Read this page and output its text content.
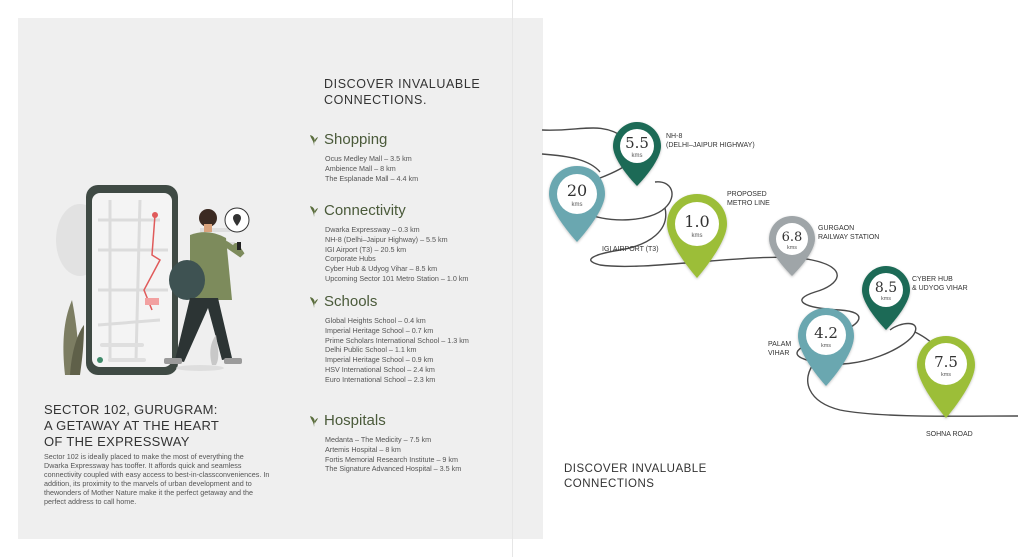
DISCOVER INVALUABLE
CONNECTIONS.
Shopping
Ocus Medley Mall – 3.5 km
Ambience Mall – 8 km
The Esplanade Mall – 4.4 km
Connectivity
Dwarka Expressway – 0.3 km
NH-8 (Delhi–Jaipur Highway) – 5.5 km
IGI Airport (T3) – 20.5 km
Corporate Hubs
Cyber Hub & Udyog Vihar – 8.5 km
Upcoming Sector 101 Metro Station – 1.0 km
Schools
Global Heights School – 0.4 km
Imperial Heritage School – 0.7 km
Prime Scholars International School – 1.3 km
Delhi Public School – 1.1 km
Imperial Heritage School – 0.9 km
HSV International School – 2.4 km
Euro International School – 2.3 km
Hospitals
Medanta – The Medicity – 7.5 km
Artemis Hospital – 8 km
Fortis Memorial Research Institute – 9 km
The Signature Advanced Hospital – 3.5 km
SECTOR 102, GURUGRAM:
A GETAWAY AT THE HEART
OF THE EXPRESSWAY
Sector 102 is ideally placed to make the most of everything the Dwarka Expressway has tooffer. It affords quick and seamless connectivity coupled with easy access to best-in-classconveniences. In addition, its proximity to the marvels of urban development and to thewonders of Mother Nature make it the perfect getaway and the perfect address to call home.
DISCOVER INVALUABLE
CONNECTIONS
5.5
kms
NH-8
(DELHI–JAIPUR HIGHWAY)
20
kms
IGI AIRPORT (T3)
1.0
kms
PROPOSED
METRO LINE
6.8
kms
GURGAON
RAILWAY STATION
8.5
kms
CYBER HUB
& UDYOG VIHAR
4.2
kms
PALAM
VIHAR	7.5
kms
SOHNA ROAD
